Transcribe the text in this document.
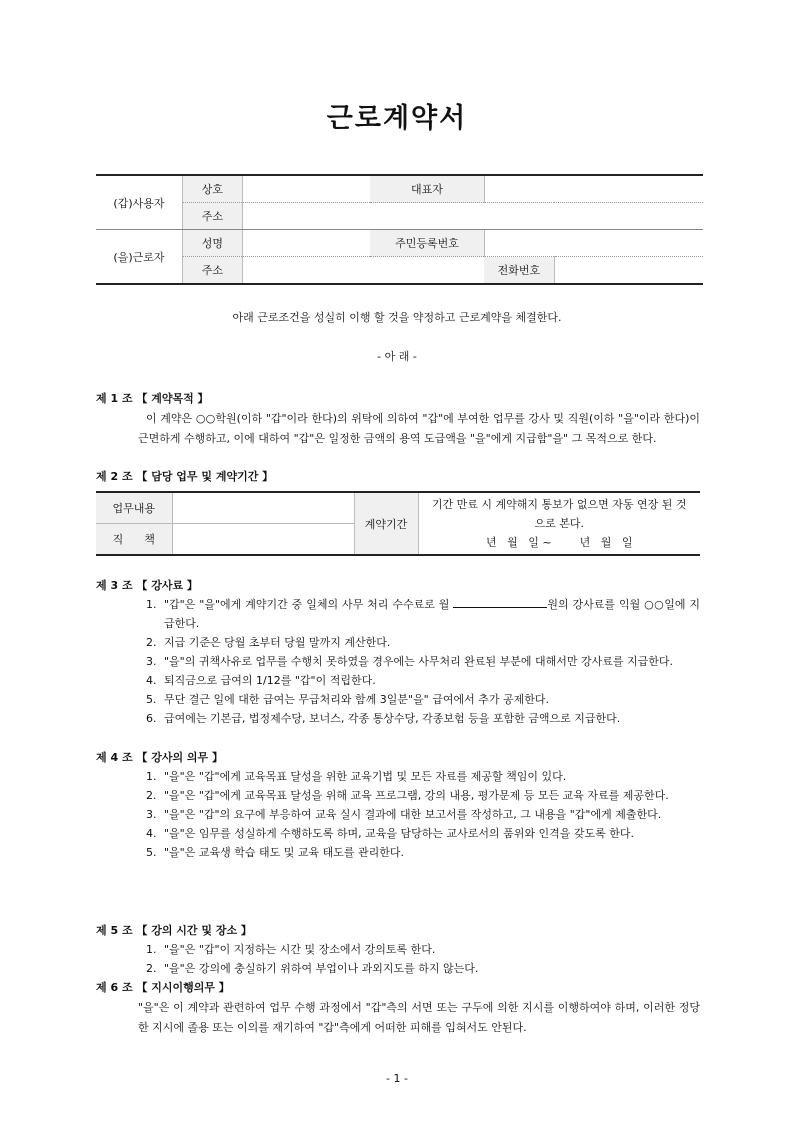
근로계약서
(갑)사용자	상호		대표자		
	주소				
(을)근로자	성명		주민등록번호		
	주소			전화번호	
아래 근로조건을 성실히 이행 할 것을 약정하고 근로계약을 체결한다.
- 아 래 -
제 1 조 【 계약목적 】
이 계약은 ○○학원(이하 "갑"이라 한다)의 위탁에 의하여 "갑"에 부여한 업무를 강사 및 직원(이하 "을"이라 한다)이 근면하게 수행하고, 이에 대하여 "갑"은 일정한 금액의 용역 도급액을 "을"에게 지급함"을" 그 목적으로 한다.
제 2 조 【 담당 업무 및 계약기간 】
업무내용		계약기간	기간 만료 시 계약해지 통보가 없으면 자동 연장 된 것으로 본다.
년   월   일 ~        년   월   일

직      책			
제 3 조 【 강사료 】
1. "갑"은 "을"에게 계약기간 중 일체의 사무 처리 수수료로 월	원의 강사료를 익월 ○○일에 지급한다.
2. 지급 기준은 당월 초부터 당월 말까지 계산한다.
3. "을"의 귀책사유로 업무를 수행치 못하였을 경우에는 사무처리 완료된 부분에 대해서만 강사료를 지급한다.
4. 퇴직금으로 급여의 1/12를 "갑"이 적립한다.
5. 무단 결근 일에 대한 급여는 무급처리와 함께 3일분"을" 급여에서 추가 공제한다.
6. 급여에는 기본급, 법정제수당, 보너스, 각종 통상수당, 각종보험 등을 포함한 금액으로 지급한다.
제 4 조 【 강사의 의무 】
1. "을"은 "갑"에게 교육목표 달성을 위한 교육기법 및 모든 자료를 제공할 책임이 있다.
2. "을"은 "갑"에게 교육목표 달성을 위해 교육 프로그램, 강의 내용, 평가문제 등 모든 교육 자료를 제공한다.
3. "을"은 "갑"의 요구에 부응하여 교육 실시 결과에 대한 보고서를 작성하고, 그 내용을 "갑"에게 제출한다.
4. "을"은 임무를 성실하게 수행하도록 하며, 교육을 담당하는 교사로서의 품위와 인격을 갖도록 한다.
5. "을"은 교육생 학습 태도 및 교육 태도를 관리한다.
제 5 조 【 강의 시간 및 장소 】
1. "을"은 "갑"이 지정하는 시간 및 장소에서 강의토록 한다.
2. "을"은 강의에 충실하기 위하여 부업이나 과외지도를 하지 않는다.
제 6 조 【 지시이행의무 】
"을"은 이 계약과 관련하여 업무 수행 과정에서 "갑"측의 서면 또는 구두에 의한 지시를 이행하여야 하며, 이러한 정당한 지시에 졸용 또는 이의를 재기하여 "갑"측에게 어떠한 피해를 입혀서도 안된다.
- 1 -
